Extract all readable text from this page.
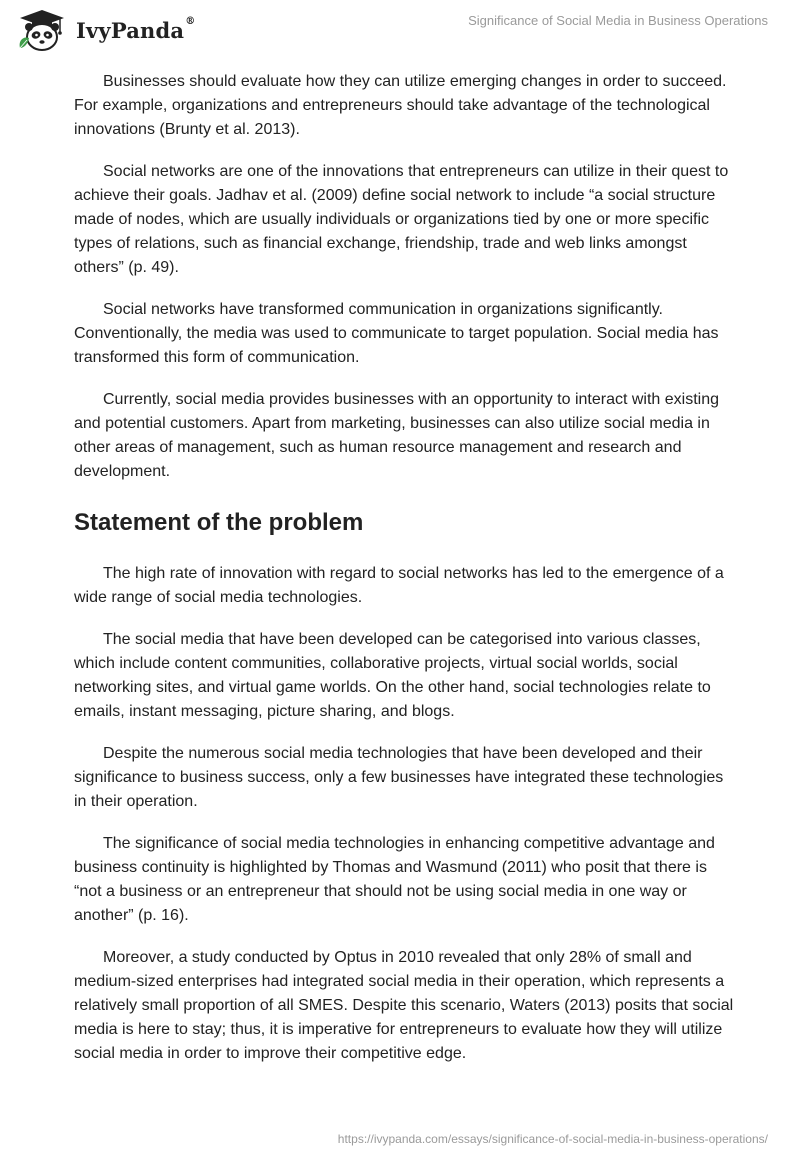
IvyPanda®	Significance of Social Media in Business Operations

Businesses should evaluate how they can utilize emerging changes in order to succeed. For example, organizations and entrepreneurs should take advantage of the technological innovations (Brunty et al. 2013).

Social networks are one of the innovations that entrepreneurs can utilize in their quest to achieve their goals. Jadhav et al. (2009) define social network to include “a social structure made of nodes, which are usually individuals or organizations tied by one or more specific types of relations, such as financial exchange, friendship, trade and web links amongst others” (p. 49).

Social networks have transformed communication in organizations significantly. Conventionally, the media was used to communicate to target population. Social media has transformed this form of communication.

Currently, social media provides businesses with an opportunity to interact with existing and potential customers. Apart from marketing, businesses can also utilize social media in other areas of management, such as human resource management and research and development.

Statement of the problem

The high rate of innovation with regard to social networks has led to the emergence of a wide range of social media technologies.

The social media that have been developed can be categorised into various classes, which include content communities, collaborative projects, virtual social worlds, social networking sites, and virtual game worlds. On the other hand, social technologies relate to emails, instant messaging, picture sharing, and blogs.

Despite the numerous social media technologies that have been developed and their significance to business success, only a few businesses have integrated these technologies in their operation.

The significance of social media technologies in enhancing competitive advantage and business continuity is highlighted by Thomas and Wasmund (2011) who posit that there is “not a business or an entrepreneur that should not be using social media in one way or another” (p. 16).

Moreover, a study conducted by Optus in 2010 revealed that only 28% of small and medium-sized enterprises had integrated social media in their operation, which represents a relatively small proportion of all SMES. Despite this scenario, Waters (2013) posits that social media is here to stay; thus, it is imperative for entrepreneurs to evaluate how they will utilize social media in order to improve their competitive edge.

https://ivypanda.com/essays/significance-of-social-media-in-business-operations/
